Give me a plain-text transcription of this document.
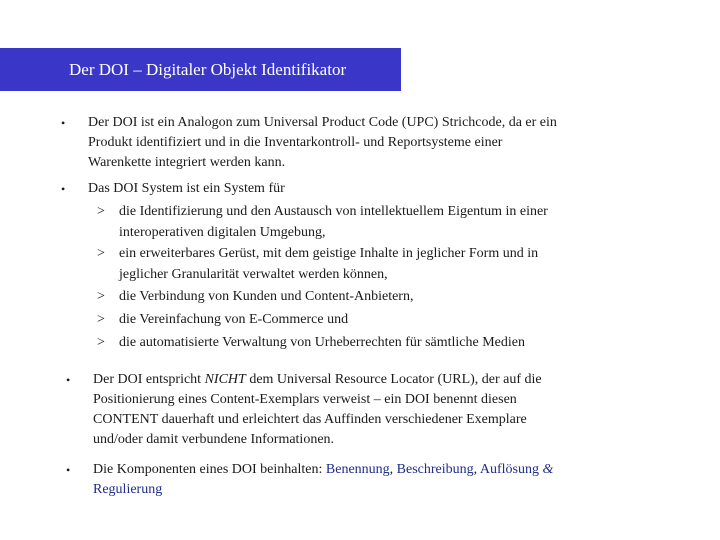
Der DOI – Digitaler Objekt Identifikator
• Der DOI ist ein Analogon zum Universal Product Code (UPC) Strichcode, da er ein
Produkt identifiziert und in die Inventarkontroll- und Reportsysteme einer
Warenkette integriert werden kann.
• Das DOI System ist ein System für
> die Identifizierung und den Austausch von intellektuellem Eigentum in einer
interoperativen digitalen Umgebung,
> ein erweiterbares Gerüst, mit dem geistige Inhalte in jeglicher Form und in
jeglicher Granularität verwaltet werden können,
> die Verbindung von Kunden und Content-Anbietern,
> die Vereinfachung von E-Commerce und
> die automatisierte Verwaltung von Urheberrechten für sämtliche Medien
• Der DOI entspricht NICHT dem Universal Resource Locator (URL), der auf die
Positionierung eines Content-Exemplars verweist – ein DOI benennt diesen
CONTENT dauerhaft und erleichtert das Auffinden verschiedener Exemplare
und/oder damit verbundene Informationen.
• Die Komponenten eines DOI beinhalten: Benennung, Beschreibung, Auflösung &
Regulierung
